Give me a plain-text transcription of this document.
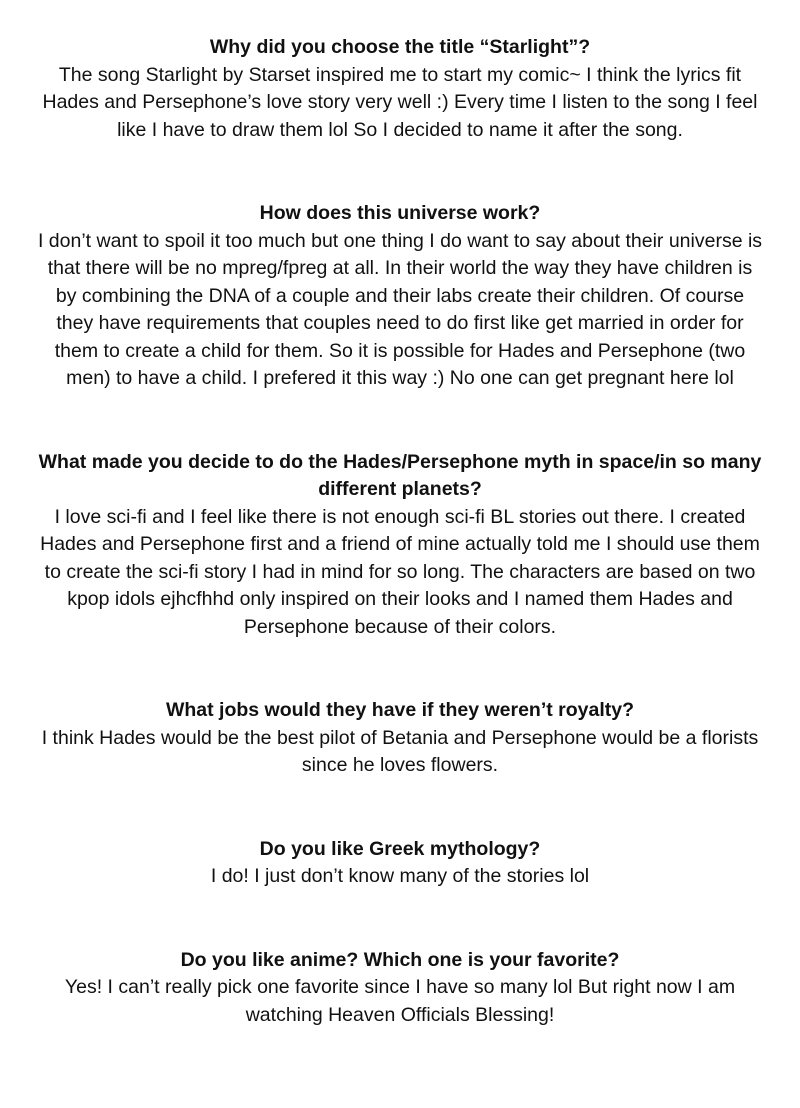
Why did you choose the title “Starlight”?

The song Starlight by Starset inspired me to start my comic~ I think the lyrics fit Hades and Persephone’s love story very well :) Every time I listen to the song I feel like I have to draw them lol So I decided to name it after the song.

How does this universe work?

I don’t want to spoil it too much but one thing I do want to say about their universe is that there will be no mpreg/fpreg at all. In their world the way they have children is by combining the DNA of a couple and their labs create their children. Of course they have requirements that couples need to do first like get married in order for them to create a child for them. So it is possible for Hades and Persephone (two men) to have a child. I prefered it this way :) No one can get pregnant here lol

What made you decide to do the Hades/Persephone myth in space/in so many different planets?

I love sci-fi and I feel like there is not enough sci-fi BL stories out there. I created Hades and Persephone first and a friend of mine actually told me I should use them to create the sci-fi story I had in mind for so long. The characters are based on two kpop idols ejhcfhhd only inspired on their looks and I named them Hades and Persephone because of their colors.

What jobs would they have if they weren’t royalty?

I think Hades would be the best pilot of Betania and Persephone would be a florists since he loves flowers.

Do you like Greek mythology?

I do! I just don’t know many of the stories lol

Do you like anime? Which one is your favorite?

Yes! I can’t really pick one favorite since I have so many lol But right now I am watching Heaven Officials Blessing!
